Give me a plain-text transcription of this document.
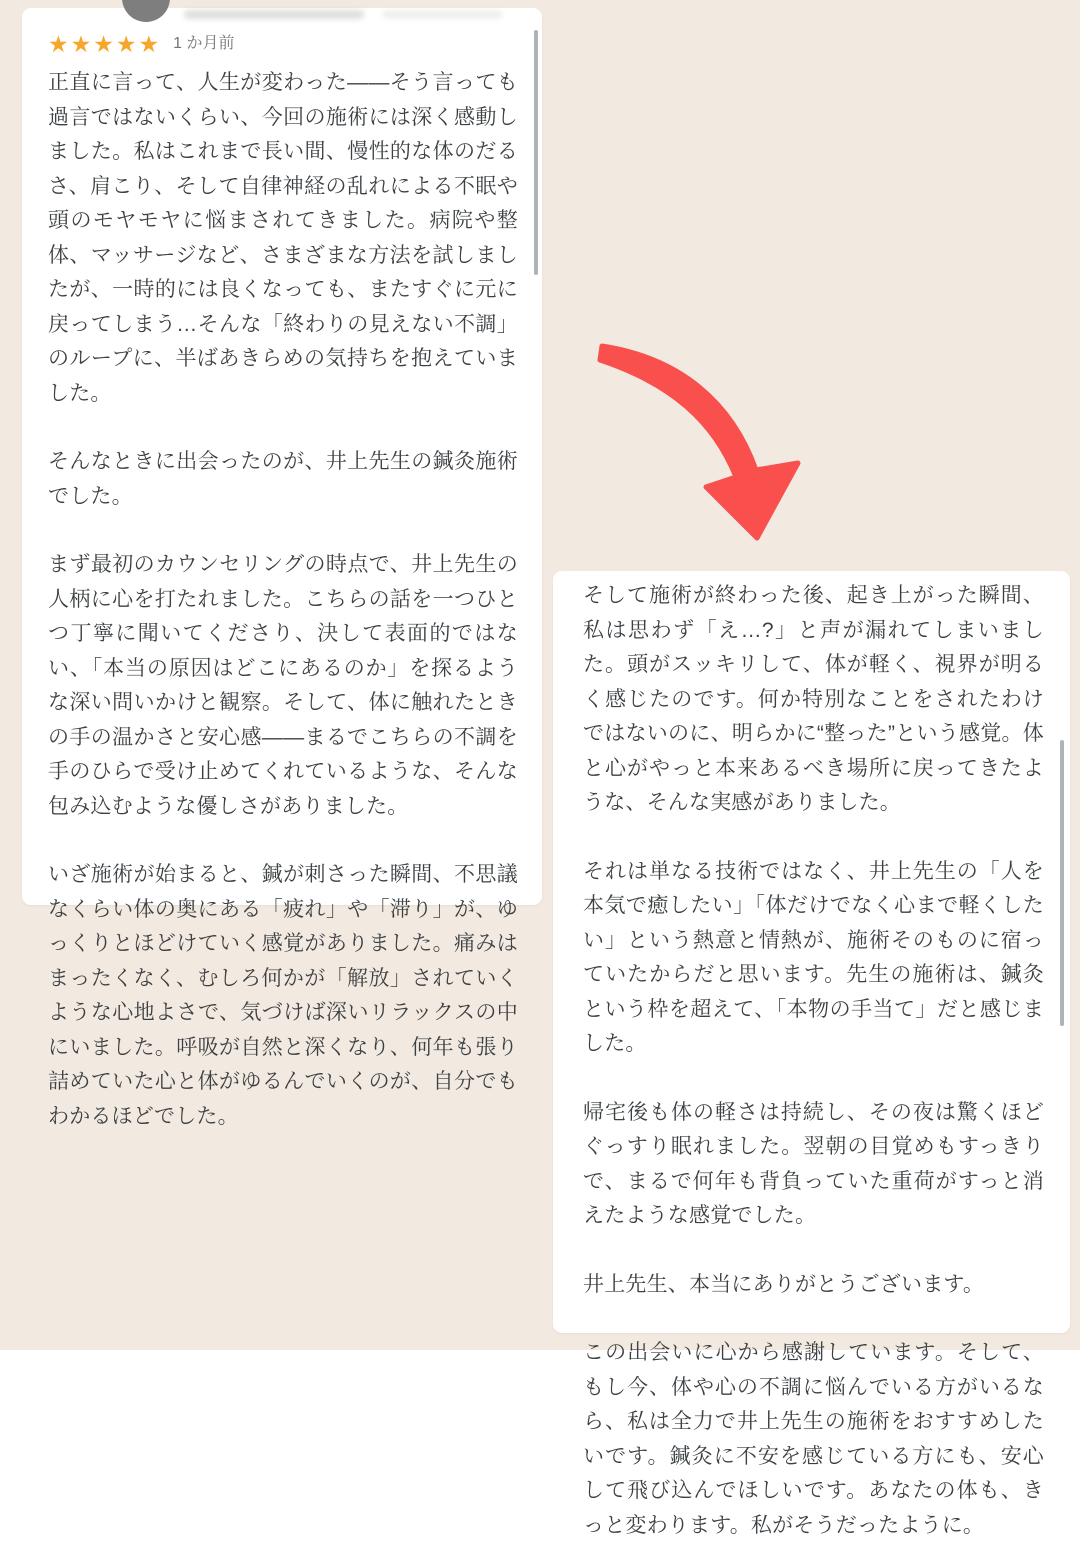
★★★★★ 1 か月前

正直に言って、人生が変わった——そう言っても過言ではないくらい、今回の施術には深く感動しました。私はこれまで長い間、慢性的な体のだるさ、肩こり、そして自律神経の乱れによる不眠や頭のモヤモヤに悩まされてきました。病院や整体、マッサージなど、さまざまな方法を試しましたが、一時的には良くなっても、またすぐに元に戻ってしまう…そんな「終わりの見えない不調」のループに、半ばあきらめの気持ちを抱えていました。

そんなときに出会ったのが、井上先生の鍼灸施術でした。

まず最初のカウンセリングの時点で、井上先生の人柄に心を打たれました。こちらの話を一つひとつ丁寧に聞いてくださり、決して表面的ではない、「本当の原因はどこにあるのか」を探るような深い問いかけと観察。そして、体に触れたときの手の温かさと安心感——まるでこちらの不調を手のひらで受け止めてくれているような、そんな包み込むような優しさがありました。

いざ施術が始まると、鍼が刺さった瞬間、不思議なくらい体の奥にある「疲れ」や「滞り」が、ゆっくりとほどけていく感覚がありました。痛みはまったくなく、むしろ何かが「解放」されていくような心地よさで、気づけば深いリラックスの中にいました。呼吸が自然と深くなり、何年も張り詰めていた心と体がゆるんでいくのが、自分でもわかるほどでした。

そして施術が終わった後、起き上がった瞬間、私は思わず「え…?」と声が漏れてしまいました。頭がスッキリして、体が軽く、視界が明るく感じたのです。何か特別なことをされたわけではないのに、明らかに“整った”という感覚。体と心がやっと本来あるべき場所に戻ってきたような、そんな実感がありました。

それは単なる技術ではなく、井上先生の「人を本気で癒したい」「体だけでなく心まで軽くしたい」という熱意と情熱が、施術そのものに宿っていたからだと思います。先生の施術は、鍼灸という枠を超えて、「本物の手当て」だと感じました。

帰宅後も体の軽さは持続し、その夜は驚くほどぐっすり眠れました。翌朝の目覚めもすっきりで、まるで何年も背負っていた重荷がすっと消えたような感覚でした。

井上先生、本当にありがとうございます。

この出会いに心から感謝しています。そして、もし今、体や心の不調に悩んでいる方がいるなら、私は全力で井上先生の施術をおすすめしたいです。鍼灸に不安を感じている方にも、安心して飛び込んでほしいです。あなたの体も、きっと変わります。私がそうだったように。
